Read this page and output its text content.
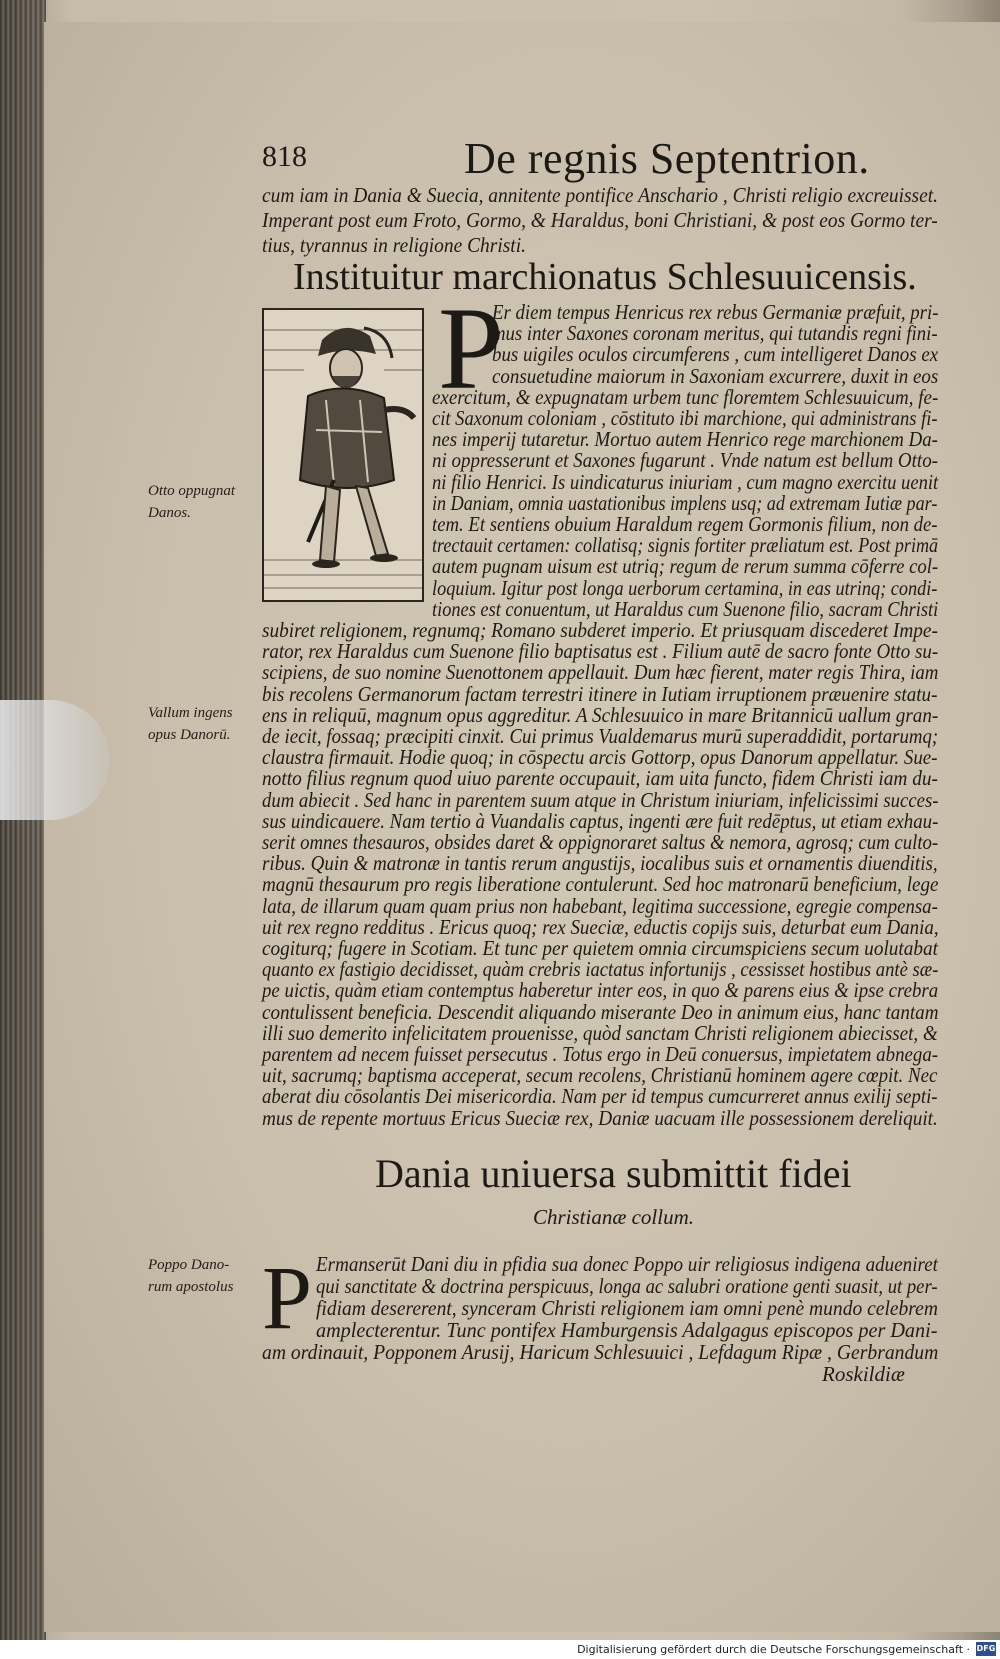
818	De regnis Septentrion.
cum iam in Dania & Suecia, annitente pontifice Anschario , Christi religio excreuisset.
Imperant post eum Froto, Gormo, & Haraldus, boni Christiani, & post eos Gormo ter-
tius, tyrannus in religione Christi.
Instituitur marchionatus Schlesuuicensis.
P
Er diem tempus Henricus rex rebus Germaniæ præfuit, pri-
mus inter Saxones coronam meritus, qui tutandis regni fini-
bus uigiles oculos circumferens , cum intelligeret Danos ex
consuetudine maiorum in Saxoniam excurrere, duxit in eos
exercitum, & expugnatam urbem tunc floremtem Schlesuuicum, fe-
cit Saxonum coloniam , cōstituto ibi marchione, qui administrans fi-
nes imperij tutaretur. Mortuo autem Henrico rege marchionem Da-
ni oppresserunt et Saxones fugarunt . Vnde natum est bellum Otto-
ni filio Henrici. Is uindicaturus iniuriam , cum magno exercitu uenit
in Daniam, omnia uastationibus implens usq; ad extremam Iutiæ par-
tem. Et sentiens obuium Haraldum regem Gormonis filium, non de-
trectauit certamen: collatisq; signis fortiter præliatum est. Post primā
autem pugnam uisum est utriq; regum de rerum summa cōferre col-
loquium. Igitur post longa uerborum certamina, in eas utrinq; condi-
tiones est conuentum, ut Haraldus cum Suenone filio, sacram Christi
subiret religionem, regnumq; Romano subderet imperio. Et priusquam discederet Impe-
rator, rex Haraldus cum Suenone filio baptisatus est . Filium autē de sacro fonte Otto su-
scipiens, de suo nomine Suenottonem appellauit. Dum hæc fierent, mater regis Thira, iam
bis recolens Germanorum factam terrestri itinere in Iutiam irruptionem præuenire statu-
ens in reliquū, magnum opus aggreditur. A Schlesuuico in mare Britannicū uallum gran-
de iecit, fossaq; præcipiti cinxit. Cui primus Vualdemarus murū superaddidit, portarumq;
claustra firmauit. Hodie quoq; in cōspectu arcis Gottorp, opus Danorum appellatur. Sue-
notto filius regnum quod uiuo parente occupauit, iam uita functo, fidem Christi iam du-
dum abiecit . Sed hanc in parentem suum atque in Christum iniuriam, infelicissimi succes-
sus uindicauere. Nam tertio à Vuandalis captus, ingenti ære fuit redēptus, ut etiam exhau-
serit omnes thesauros, obsides daret & oppignoraret saltus & nemora, agrosq; cum culto-
ribus. Quin & matronæ in tantis rerum angustijs, iocalibus suis et ornamentis diuenditis,
magnū thesaurum pro regis liberatione contulerunt. Sed hoc matronarū beneficium, lege
lata, de illarum quam quam prius non habebant, legitima successione, egregie compensa-
uit rex regno redditus . Ericus quoq; rex Sueciæ, eductis copijs suis, deturbat eum Dania,
cogiturq; fugere in Scotiam. Et tunc per quietem omnia circumspiciens secum uolutabat
quanto ex fastigio decidisset, quàm crebris iactatus infortunijs , cessisset hostibus antè sæ-
pe uictis, quàm etiam contemptus haberetur inter eos, in quo & parens eius & ipse crebra
contulissent beneficia. Descendit aliquando miserante Deo in animum eius, hanc tantam
illi suo demerito infelicitatem prouenisse, quòd sanctam Christi religionem abiecisset, &
parentem ad necem fuisset persecutus . Totus ergo in Deū conuersus, impietatem abnega-
uit, sacrumq; baptisma acceperat, secum recolens, Christianū hominem agere cœpit. Nec
aberat diu cōsolantis Dei misericordia. Nam per id tempus cumcurreret annus exilij septi-
mus de repente mortuus Ericus Sueciæ rex, Daniæ uacuam ille possessionem dereliquit.
Dania uniuersa submittit fidei
Christianæ collum.
P Ermanserūt Dani diu in pfidia sua donec Poppo uir religiosus indigena adueniret
qui sanctitate & doctrina perspicuus, longa ac salubri oratione genti suasit, ut per-
fidiam desererent, synceram Christi religionem iam omni penè mundo celebrem
amplecterentur. Tunc pontifex Hamburgensis Adalgagus episcopos per Dani-
am ordinauit, Popponem Arusij, Haricum Schlesuuici , Lefdagum Ripæ , Gerbrandum
Roskildiæ
Otto oppugnat
Danos.
Vallum ingens
opus Danorū.
Poppo Dano-
rum apostolus
Digitalisierung gefördert durch die Deutsche Forschungsgemeinschaft · DFG
